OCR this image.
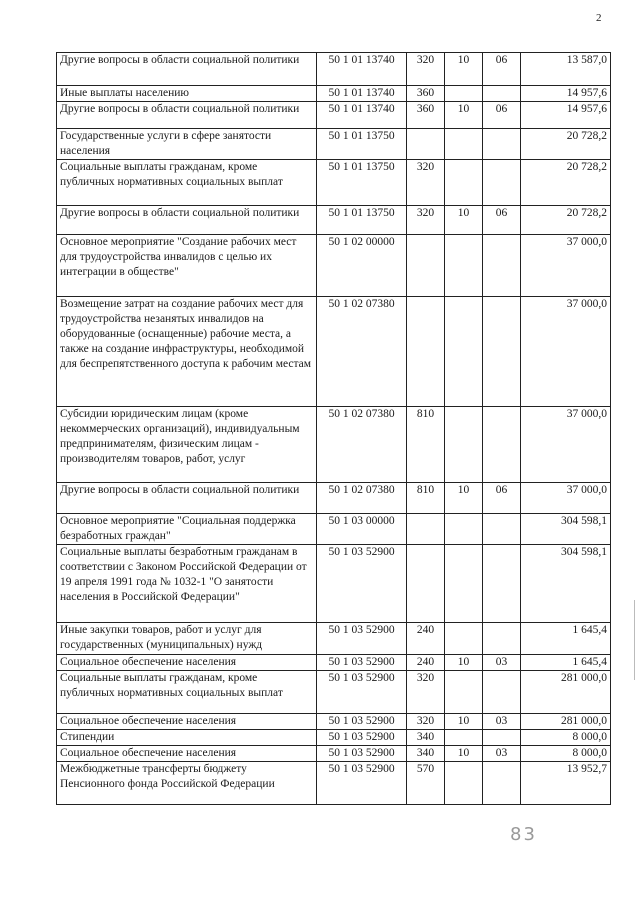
2
Другие вопросы в области социальной политики	50 1 01 13740	320	10	06	13 587,0
Иные выплаты населению	50 1 01 13740	360			14 957,6
Другие вопросы в области социальной политики	50 1 01 13740	360	10	06	14 957,6
Государственные услуги в сфере занятости населения	50 1 01 13750				20 728,2
Социальные выплаты гражданам, кроме публичных нормативных социальных выплат	50 1 01 13750	320			20 728,2
Другие вопросы в области социальной политики	50 1 01 13750	320	10	06	20 728,2
Основное мероприятие "Создание рабочих мест для трудоустройства инвалидов с целью их интеграции в обществе"	50 1 02 00000				37 000,0
Возмещение затрат на создание рабочих мест для трудоустройства незанятых инвалидов на оборудованные (оснащенные) рабочие места, а также на создание инфраструктуры, необходимой для беспрепятственного доступа к рабочим местам	50 1 02 07380				37 000,0
Субсидии юридическим лицам (кроме некоммерческих организаций), индивидуальным предпринимателям, физическим лицам - производителям товаров, работ, услуг	50 1 02 07380	810			37 000,0
Другие вопросы в области социальной политики	50 1 02 07380	810	10	06	37 000,0
Основное мероприятие "Социальная поддержка безработных граждан"	50 1 03 00000				304 598,1
Социальные выплаты безработным гражданам в соответствии с Законом Российской Федерации от 19 апреля 1991 года № 1032-1 "О занятости населения в Российской Федерации"	50 1 03 52900				304 598,1
Иные закупки товаров, работ и услуг для государственных (муниципальных) нужд	50 1 03 52900	240			1 645,4
Социальное обеспечение населения	50 1 03 52900	240	10	03	1 645,4
Социальные выплаты гражданам, кроме публичных нормативных социальных выплат	50 1 03 52900	320			281 000,0
Социальное обеспечение населения	50 1 03 52900	320	10	03	281 000,0
Стипендии	50 1 03 52900	340			8 000,0
Социальное обеспечение населения	50 1 03 52900	340	10	03	8 000,0
Межбюджетные трансферты бюджету Пенсионного фонда Российской Федерации	50 1 03 52900	570			13 952,7
83
